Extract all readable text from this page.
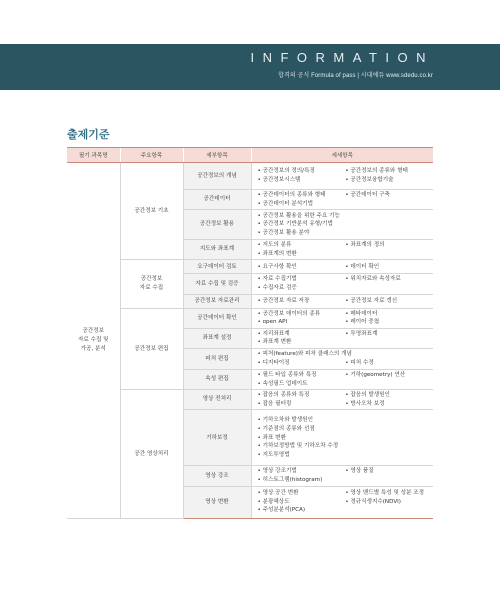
INFORMATION
합격의 공식 Formula of pass | 시대에듀 www.sdedu.co.kr
출제기준
필기 과목명	주요항목	세부항목	세세항목
공간정보
자료 수집 및
가공, 분석	공간정보 기초	공간정보의 개념	• 공간정보의 정의/특징 • 공간정보의 종류와 형태
• 공간정보시스템 • 공간정보융합기술

		공간데이터	• 공간데이터의 종류와 형태 • 공간데이터 구축
• 공간데이터 분석기법

		공간정보 활용	• 공간정보 활용을 위한 주요 기능
• 공간정보 기반분석 유형/기법
• 공간정보 활용 분야

		지도와 좌표계	• 지도의 분류 • 좌표계의 정의
• 좌표계의 변환

	공간정보
자료 수집	요구데이터 검토	• 요구사항 확인 • 데이터 확인

		자료 수집 및 검증	• 자료 수집기법 • 위치자료와 속성자료
• 수집자료 검증

		공간정보 자료관리	• 공간정보 자료 저장 • 공간정보 자료 갱신

	공간정보 편집	공간데이터 확인	• 공간정보 데이터의 종류 • 메타데이터
• open API • 레이어 중첩

		좌표계 설정	• 지리좌표계 • 투영좌표계
• 좌표계 변환

		피처 편집	• 피처(feature)와 피처 클래스의 개념
• 디지타이징 • 피처 수정

		속성 편집	• 필드 타입 종류와 특징 • 기하(geometry) 연산
• 속성필드 업데이트

	공간 영상처리	영상 전처리	• 잡음의 종류와 특징 • 잡음의 발생원인
• 잡음 필터링 • 방사오차 보정

		기하보정	• 기하오차와 발생원인
• 기준점의 종류와 선점
• 좌표 변환
• 기하보정방법 및 기하오차 수정
• 지도투영법

		영상 강조	• 영상 강조기법 • 영상 품질
• 히스토그램(histogram)

		영상 변환	• 영상 공간 변환 • 영상 밴드별 특성 및 성분 조정
• 분광혜상도 • 정규식생지수(NDVI)
• 주성분분석(PCA)
